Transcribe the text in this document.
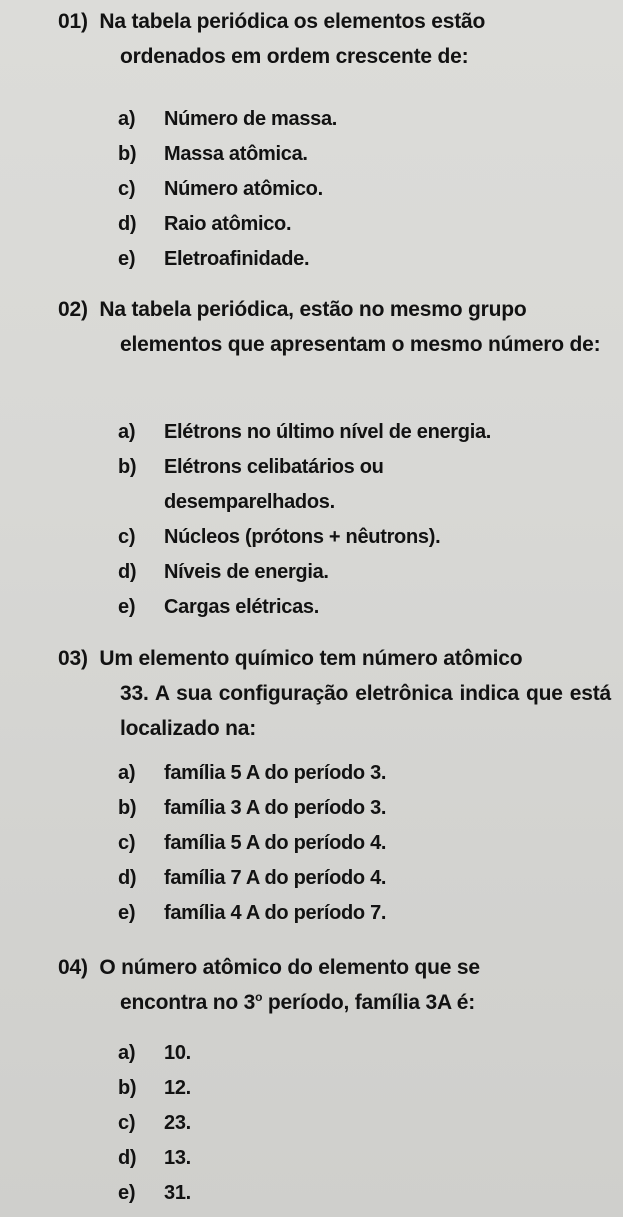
01) Na tabela periódica os elementos estão
ordenados em ordem crescente de:
a)	Número de massa.
b)	Massa atômica.
c)	Número atômico.
d)	Raio atômico.
e)	Eletroafinidade.
02) Na tabela periódica, estão no mesmo grupo
elementos que apresentam o mesmo número de:
a)	Elétrons no último nível de energia.
b)	Elétrons celibatários ou desemparelhados.
c)	Núcleos (prótons + nêutrons).
d)	Níveis de energia.
e)	Cargas elétricas.
03) Um elemento químico tem número atômico
33. A sua configuração eletrônica indica que está localizado na:
a)	família 5 A do período 3.
b)	família 3 A do período 3.
c)	família 5 A do período 4.
d)	família 7 A do período 4.
e)	família 4 A do período 7.
04) O número atômico do elemento que se
encontra no 3$^o$ período, família 3A é:
a)	10.
b)	12.
c)	23.
d)	13.
e)	31.
